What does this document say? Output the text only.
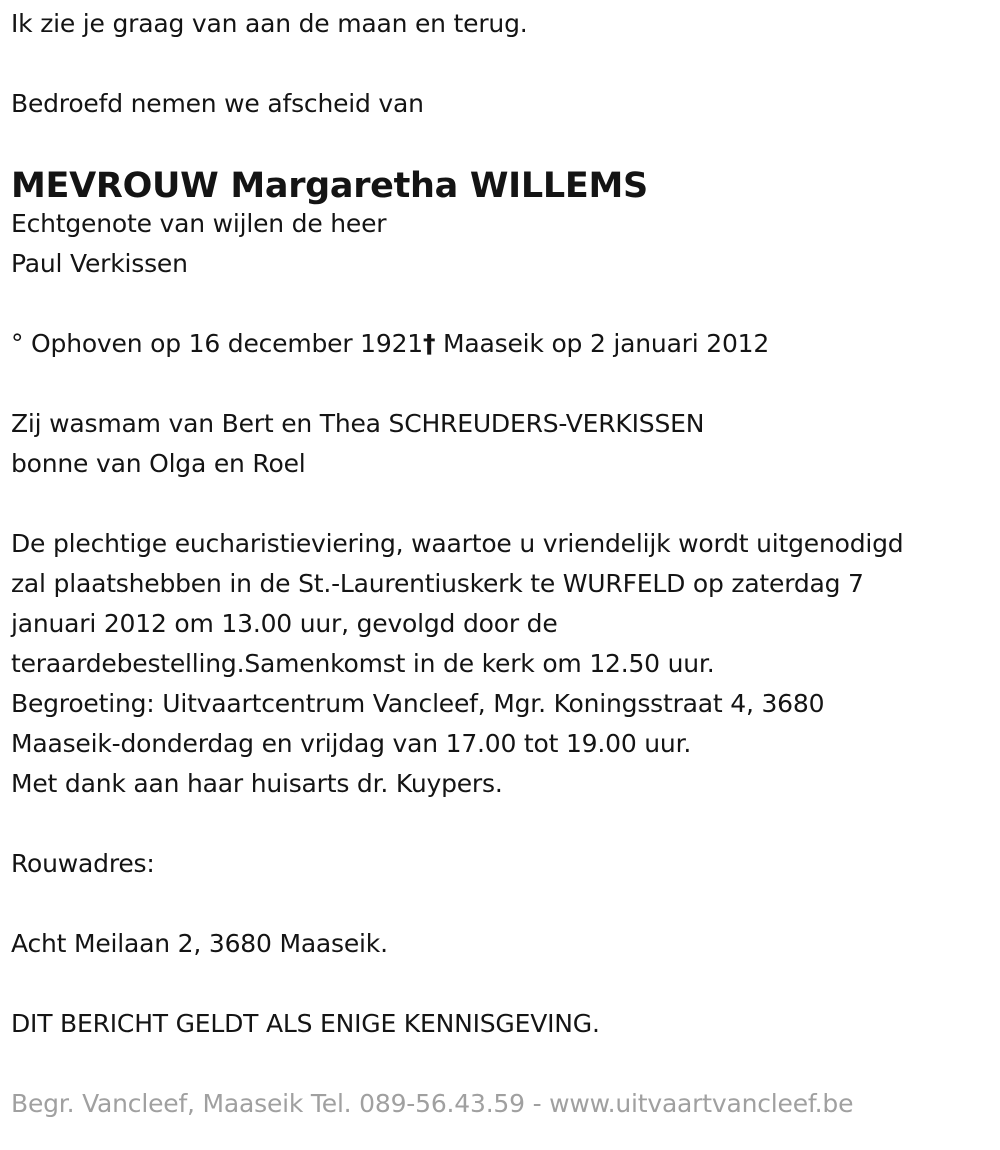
Ik zie je graag van aan de maan en terug.
Bedroefd nemen we afscheid van
MEVROUW Margaretha WILLEMS
Echtgenote van wijlen de heer
Paul Verkissen
° Ophoven op 16 december 1921† Maaseik op 2 januari 2012
Zij wasmam van Bert en Thea SCHREUDERS-VERKISSEN
bonne van Olga en Roel
De plechtige eucharistieviering, waartoe u vriendelijk wordt uitgenodigd
zal plaatshebben in de St.-Laurentiuskerk te WURFELD op zaterdag 7
januari 2012 om 13.00 uur, gevolgd door de
teraardebestelling.Samenkomst in de kerk om 12.50 uur.
Begroeting: Uitvaartcentrum Vancleef, Mgr. Koningsstraat 4, 3680
Maaseik-donderdag en vrijdag van 17.00 tot 19.00 uur.
Met dank aan haar huisarts dr. Kuypers.
Rouwadres:
Acht Meilaan 2, 3680 Maaseik.
DIT BERICHT GELDT ALS ENIGE KENNISGEVING.
Begr. Vancleef, Maaseik Tel. 089-56.43.59 - www.uitvaartvancleef.be
